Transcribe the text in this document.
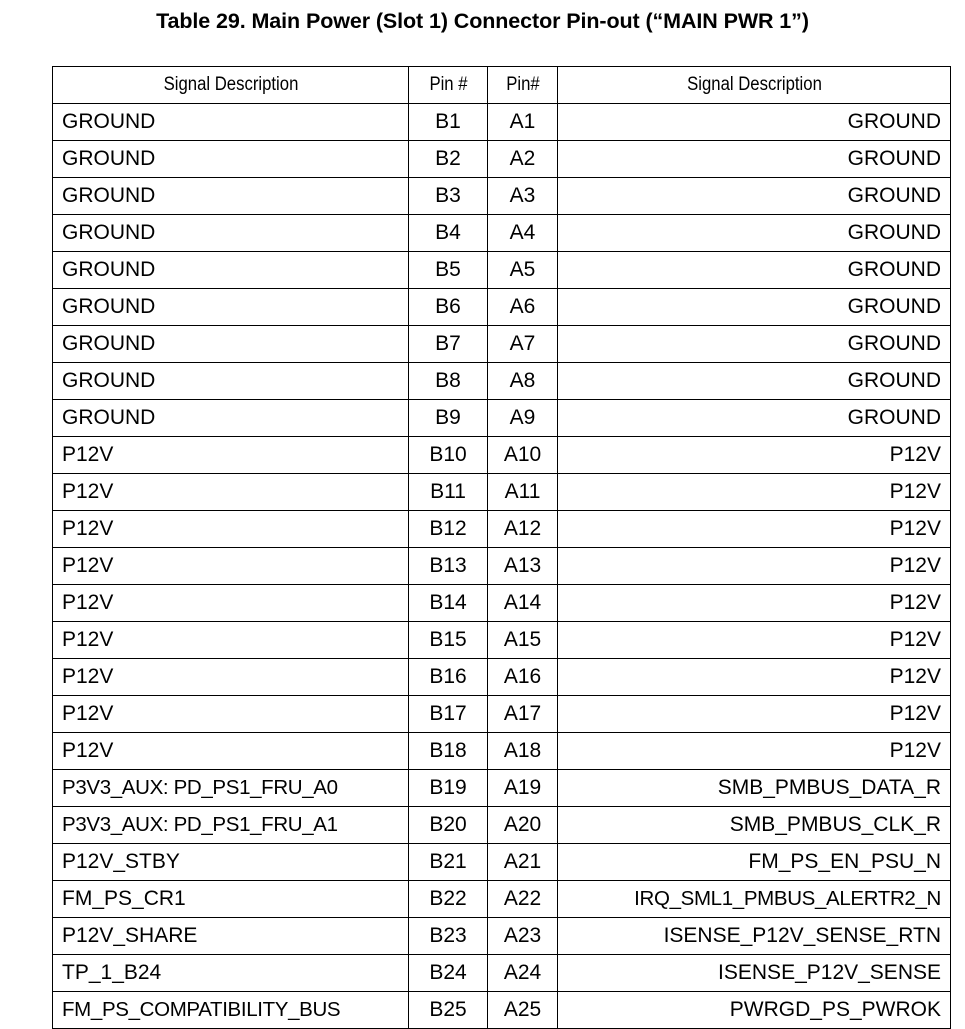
Table 29. Main Power (Slot 1) Connector Pin-out (“MAIN PWR 1”)
Signal Description	Pin #	Pin#	Signal Description

GROUND	B1	A1	GROUND
GROUND	B2	A2	GROUND
GROUND	B3	A3	GROUND
GROUND	B4	A4	GROUND
GROUND	B5	A5	GROUND
GROUND	B6	A6	GROUND
GROUND	B7	A7	GROUND
GROUND	B8	A8	GROUND
GROUND	B9	A9	GROUND
P12V	B10	A10	P12V
P12V	B11	A11	P12V
P12V	B12	A12	P12V
P12V	B13	A13	P12V
P12V	B14	A14	P12V
P12V	B15	A15	P12V
P12V	B16	A16	P12V
P12V	B17	A17	P12V
P12V	B18	A18	P12V
P3V3_AUX: PD_PS1_FRU_A0	B19	A19	SMB_PMBUS_DATA_R
P3V3_AUX: PD_PS1_FRU_A1	B20	A20	SMB_PMBUS_CLK_R
P12V_STBY	B21	A21	FM_PS_EN_PSU_N
FM_PS_CR1	B22	A22	IRQ_SML1_PMBUS_ALERTR2_N
P12V_SHARE	B23	A23	ISENSE_P12V_SENSE_RTN
TP_1_B24	B24	A24	ISENSE_P12V_SENSE
FM_PS_COMPATIBILITY_BUS	B25	A25	PWRGD_PS_PWROK
